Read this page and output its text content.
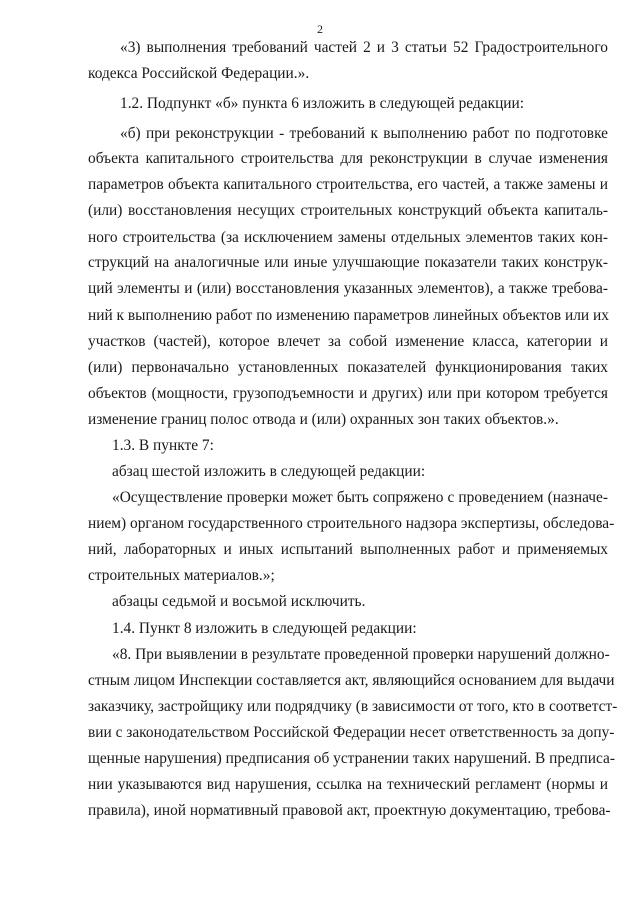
2
«3) выполнения требований частей 2 и 3 статьи 52 Градостроительного
кодекса Российской Федерации.».
1.2. Подпункт «б» пункта 6 изложить в следующей редакции:
«б) при реконструкции - требований к выполнению работ по подготовке
объекта капитального строительства для реконструкции в случае изменения
параметров объекта капитального строительства, его частей, а также замены и
(или) восстановления несущих строительных конструкций объекта капиталь-
ного строительства (за исключением замены отдельных элементов таких кон-
струкций на аналогичные или иные улучшающие показатели таких конструк-
ций элементы и (или) восстановления указанных элементов), а также требова-
ний к выполнению работ по изменению параметров линейных объектов или их
участков (частей), которое влечет за собой изменение класса, категории и
(или) первоначально установленных показателей функционирования таких
объектов (мощности, грузоподъемности и других) или при котором требуется
изменение границ полос отвода и (или) охранных зон таких объектов.».
1.3. В пункте 7:
абзац шестой изложить в следующей редакции:
«Осуществление проверки может быть сопряжено с проведением (назначе-
нием) органом государственного строительного надзора экспертизы, обследова-
ний, лабораторных и иных испытаний выполненных работ и применяемых
строительных материалов.»;
абзацы седьмой и восьмой исключить.
1.4. Пункт 8 изложить в следующей редакции:
«8. При выявлении в результате проведенной проверки нарушений должно-
стным лицом Инспекции составляется акт, являющийся основанием для выдачи
заказчику, застройщику или подрядчику (в зависимости от того, кто в соответст-
вии с законодательством Российской Федерации несет ответственность за допу-
щенные нарушения) предписания об устранении таких нарушений. В предписа-
нии указываются вид нарушения, ссылка на технический регламент (нормы и
правила), иной нормативный правовой акт, проектную документацию, требова-
